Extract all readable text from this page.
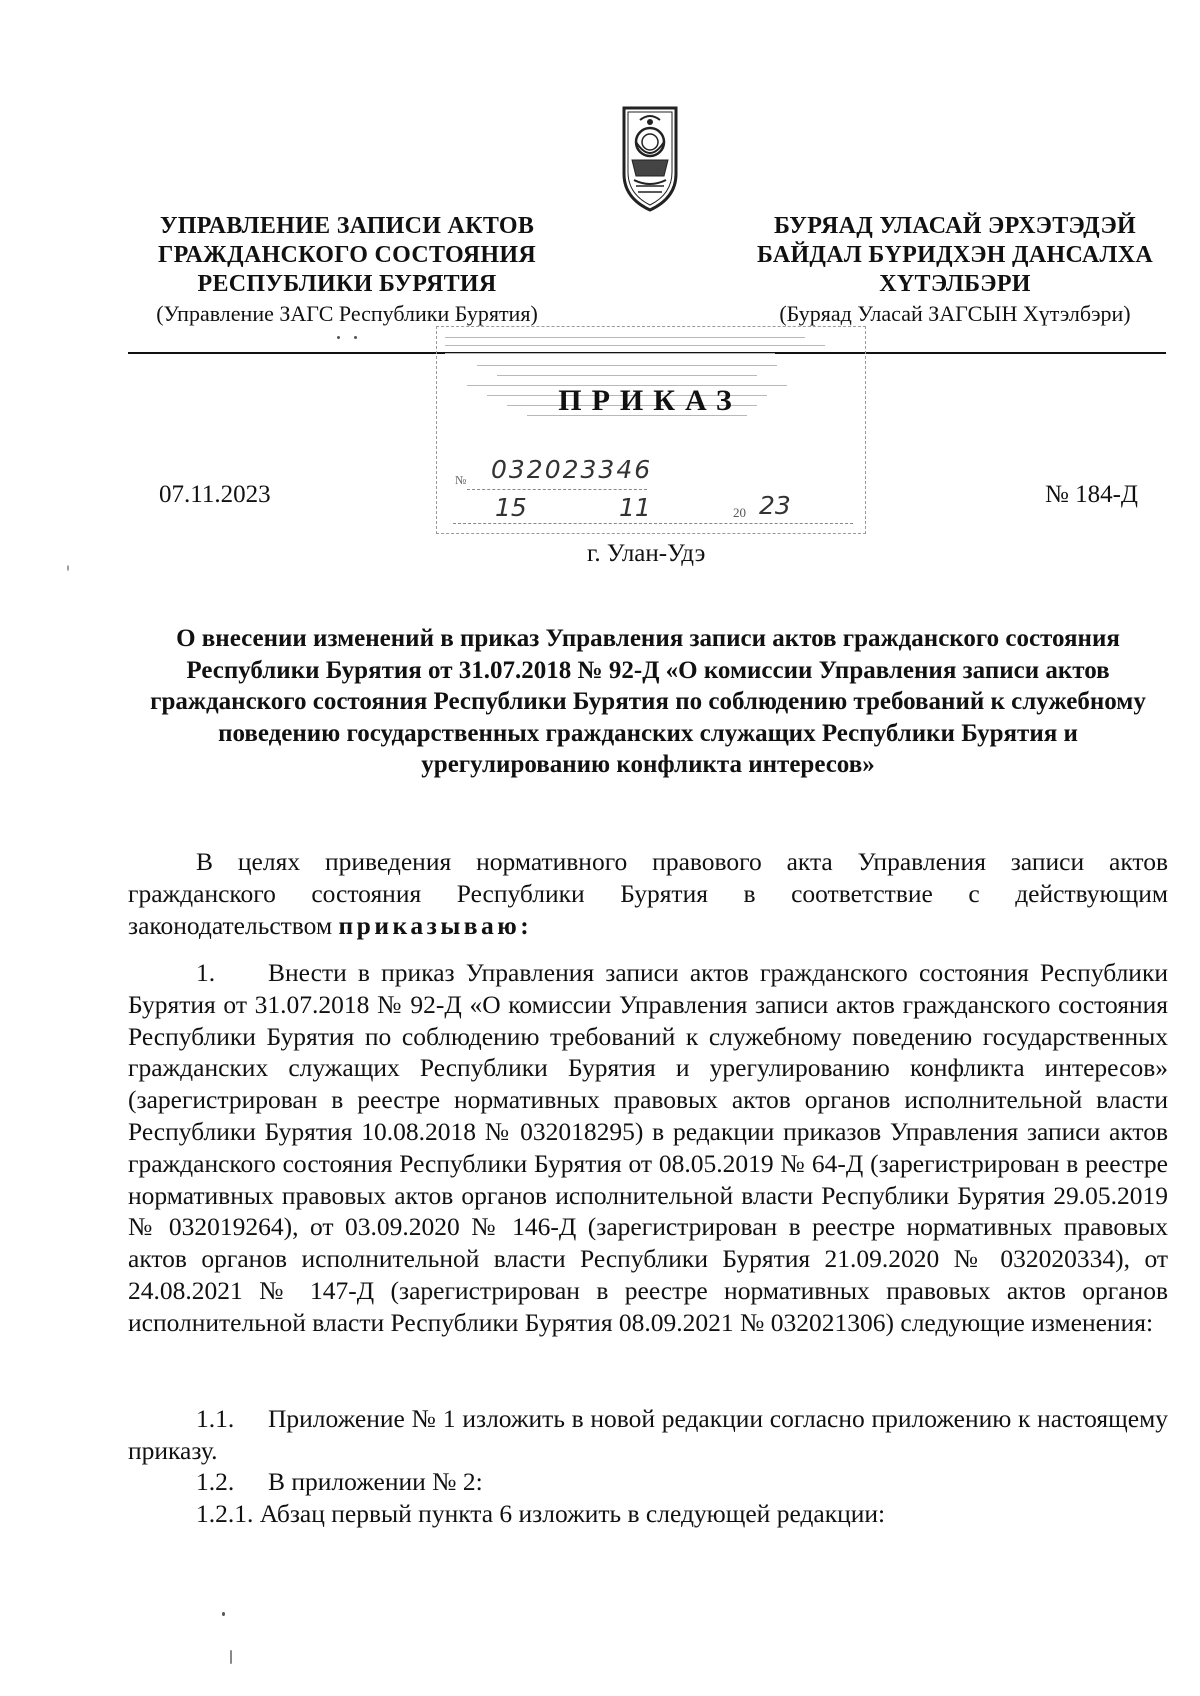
УПРАВЛЕНИЕ ЗАПИСИ АКТОВ
ГРАЖДАНСКОГО СОСТОЯНИЯ
РЕСПУБЛИКИ БУРЯТИЯ
(Управление ЗАГС Республики Бурятия)
БУРЯАД УЛАСАЙ ЭРХЭТЭДЭЙ
БАЙДАЛ БҮРИДХЭН ДАНСАЛХА
ХҮТЭЛБЭРИ
(Буряад Уласай ЗАГСЫН Хүтэлбэри)
№ 032023346
15	11	20 23
ПРИКАЗ
07.11.2023	№ 184-Д
г. Улан-Удэ
О внесении изменений в приказ Управления записи актов гражданского состояния Республики Бурятия от 31.07.2018 № 92-Д «О комиссии Управления записи актов гражданского состояния Республики Бурятия по соблюдению требований к служебному поведению государственных гражданских служащих Республики Бурятия и урегулированию конфликта интересов»
В целях приведения нормативного правового акта Управления записи актов гражданского состояния Республики Бурятия в соответствие с действующим законодательством приказываю:
1. Внести в приказ Управления записи актов гражданского состояния Республики Бурятия от 31.07.2018 № 92-Д «О комиссии Управления записи актов гражданского состояния Республики Бурятия по соблюдению требований к служебному поведению государственных гражданских служащих Республики Бурятия и урегулированию конфликта интересов» (зарегистрирован в реестре нормативных правовых актов органов исполнительной власти Республики Бурятия 10.08.2018 № 032018295) в редакции приказов Управления записи актов гражданского состояния Республики Бурятия от 08.05.2019 № 64-Д (зарегистрирован в реестре нормативных правовых актов органов исполнительной власти Республики Бурятия 29.05.2019 № 032019264), от 03.09.2020 № 146-Д (зарегистрирован в реестре нормативных правовых актов органов исполнительной власти Республики Бурятия 21.09.2020 № 032020334), от 24.08.2021 № 147-Д (зарегистрирован в реестре нормативных правовых актов органов исполнительной власти Республики Бурятия 08.09.2021 № 032021306) следующие изменения:
1.1. Приложение № 1 изложить в новой редакции согласно приложению к настоящему приказу.
1.2. В приложении № 2:
1.2.1. Абзац первый пункта 6 изложить в следующей редакции:
